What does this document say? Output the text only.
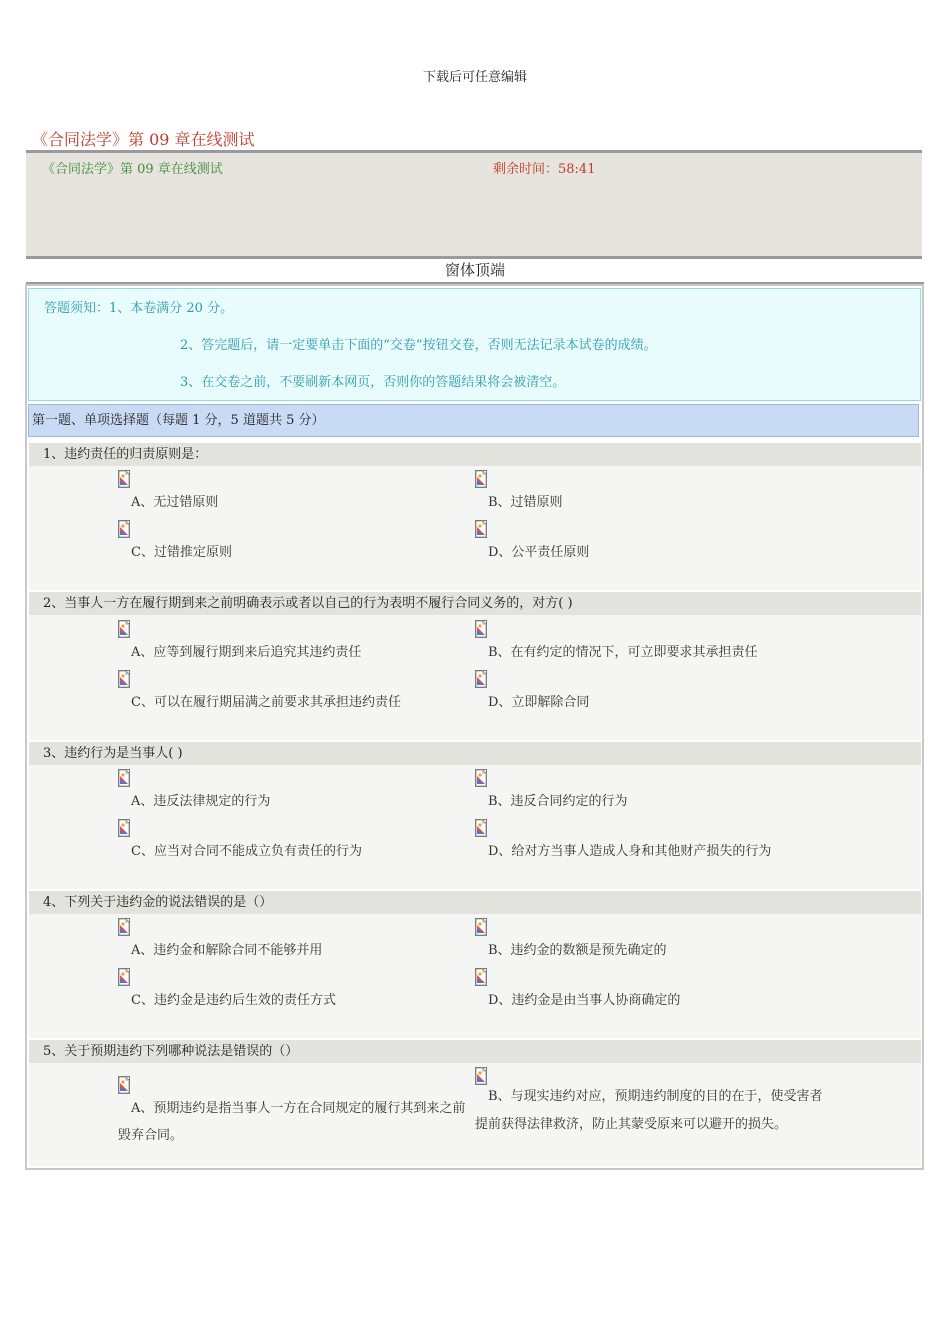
下载后可任意编辑
《合同法学》第 09 章在线测试
《合同法学》第 09 章在线测试	剩余时间：58:41
窗体顶端
答题须知：1、本卷满分 20 分。
2、答完题后，请一定要单击下面的“交卷”按钮交卷，否则无法记录本试卷的成绩。
3、在交卷之前，不要刷新本网页，否则你的答题结果将会被清空。
第一题、单项选择题（每题 1 分，5 道题共 5 分）
1、违约责任的归责原则是：
A、无过错原则	B、过错原则
C、过错推定原则	D、公平责任原则
2、当事人一方在履行期到来之前明确表示或者以自己的行为表明不履行合同义务的，对方( )
A、应等到履行期到来后追究其违约责任	B、在有约定的情况下，可立即要求其承担责任
C、可以在履行期届满之前要求其承担违约责任	D、立即解除合同
3、违约行为是当事人( )
A、违反法律规定的行为	B、违反合同约定的行为
C、应当对合同不能成立负有责任的行为	D、给对方当事人造成人身和其他财产损失的行为
4、下列关于违约金的说法错误的是（）
A、违约金和解除合同不能够并用	B、违约金的数额是预先确定的
C、违约金是违约后生效的责任方式	D、违约金是由当事人协商确定的
5、关于预期违约下列哪种说法是错误的（）
A、预期违约是指当事人一方在合同规定的履行其到来之前毁弃合同。
B、与现实违约对应，预期违约制度的目的在于，使受害者提前获得法律救济，防止其蒙受原来可以避开的损失。
